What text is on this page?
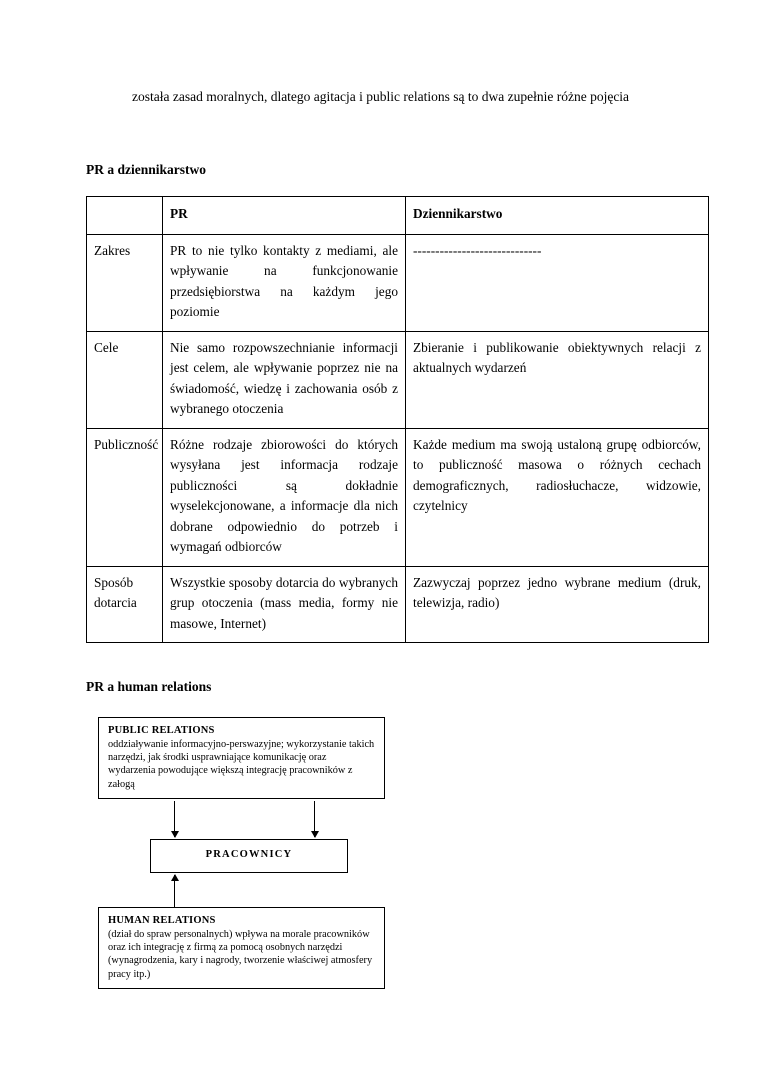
została zasad moralnych, dlatego agitacja i public relations są to dwa zupełnie różne pojęcia

PR a dziennikarstwo
	PR	Dziennikarstwo
Zakres	PR to nie tylko kontakty z mediami, ale wpływanie na funkcjonowanie przedsiębiorstwa na każdym jego poziomie	-----------------------------
Cele	Nie samo rozpowszechnianie informacji jest celem, ale wpływanie poprzez nie na świadomość, wiedzę i zachowania osób z wybranego otoczenia	Zbieranie i publikowanie obiektywnych relacji z aktualnych wydarzeń
Publiczność	Różne rodzaje zbiorowości do których wysyłana jest informacja rodzaje publiczności są dokładnie wyselekcjonowane, a informacje dla nich dobrane odpowiednio do potrzeb i wymagań odbiorców	Każde medium ma swoją ustaloną grupę odbiorców, to publiczność masowa o różnych cechach demograficznych, radiosłuchacze, widzowie, czytelnicy
Sposób dotarcia	Wszystkie sposoby dotarcia do wybranych grup otoczenia (mass media, formy nie masowe, Internet)	Zazwyczaj poprzez jedno wybrane medium (druk, telewizja, radio)
PR a human relations
PUBLIC RELATIONS
oddziaływanie informacyjno-perswazyjne; wykorzystanie takich narzędzi, jak środki usprawniające komunikację oraz wydarzenia powodujące większą integrację pracowników z załogą
PRACOWNICY
HUMAN RELATIONS
(dział do spraw personalnych) wpływa na morale pracowników oraz ich integrację z firmą za pomocą osobnych narzędzi (wynagrodzenia, kary i nagrody, tworzenie właściwej atmosfery pracy itp.)
